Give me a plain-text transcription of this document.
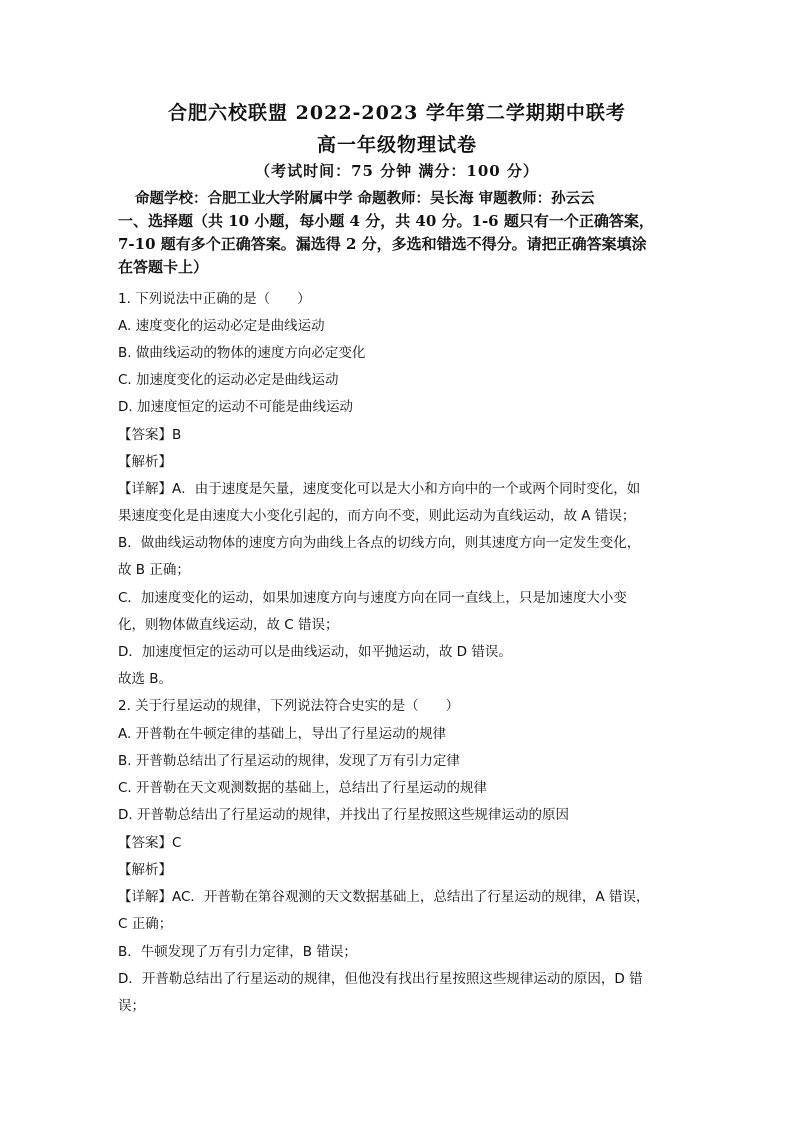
合肥六校联盟 2022-2023 学年第二学期期中联考
高一年级物理试卷
（考试时间：75 分钟 满分：100 分）
命题学校：合肥工业大学附属中学 命题教师：吴长海 审题教师：孙云云
一、选择题（共 10 小题，每小题 4 分，共 40 分。1-6 题只有一个正确答案，
7-10 题有多个正确答案。漏选得 2 分，多选和错选不得分。请把正确答案填涂
在答题卡上）
1. 下列说法中正确的是（　　）
A. 速度变化的运动必定是曲线运动
B. 做曲线运动的物体的速度方向必定变化
C. 加速度变化的运动必定是曲线运动
D. 加速度恒定的运动不可能是曲线运动
【答案】B
【解析】
【详解】A．由于速度是矢量，速度变化可以是大小和方向中的一个或两个同时变化，如
果速度变化是由速度大小变化引起的，而方向不变，则此运动为直线运动，故 A 错误；
B．做曲线运动物体的速度方向为曲线上各点的切线方向，则其速度方向一定发生变化，
故 B 正确；
C．加速度变化的运动，如果加速度方向与速度方向在同一直线上，只是加速度大小变
化，则物体做直线运动，故 C 错误；
D．加速度恒定的运动可以是曲线运动，如平抛运动，故 D 错误。
故选 B。
2. 关于行星运动的规律，下列说法符合史实的是（　　）
A. 开普勒在牛顿定律的基础上，导出了行星运动的规律
B. 开普勒总结出了行星运动的规律，发现了万有引力定律
C. 开普勒在天文观测数据的基础上，总结出了行星运动的规律
D. 开普勒总结出了行星运动的规律，并找出了行星按照这些规律运动的原因
【答案】C
【解析】
【详解】AC．开普勒在第谷观测的天文数据基础上，总结出了行星运动的规律，A 错误，
C 正确；
B．牛顿发现了万有引力定律，B 错误；
D．开普勒总结出了行星运动的规律，但他没有找出行星按照这些规律运动的原因，D 错
误；
